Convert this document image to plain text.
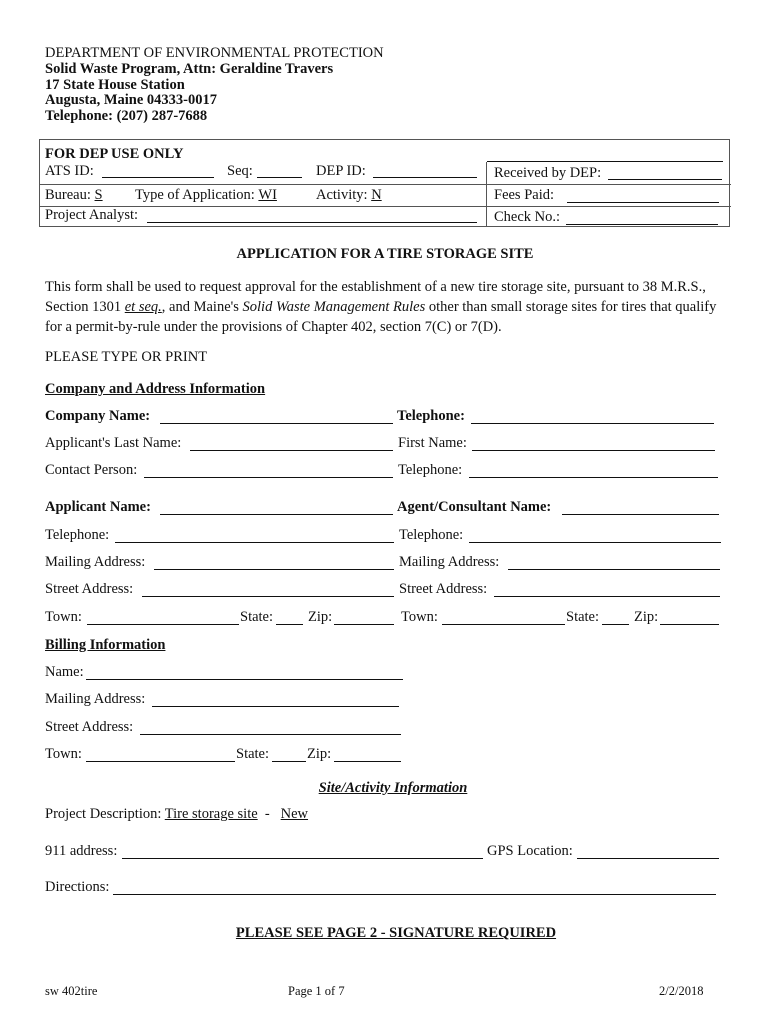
DEPARTMENT OF ENVIRONMENTAL PROTECTION
Solid Waste Program, Attn: Geraldine Travers
17 State House Station
Augusta, Maine 04333-0017
Telephone: (207) 287-7688
FOR DEP USE ONLY
ATS ID:	Seq:	DEP ID:	Received by DEP:
Bureau: S Type of Application: WI	Activity: N	Fees Paid:
Project Analyst:	Check No.:
APPLICATION FOR A TIRE STORAGE SITE
This form shall be used to request approval for the establishment of a new tire storage site, pursuant to 38 M.R.S., Section 1301 et seq., and Maine's Solid Waste Management Rules other than small storage sites for tires that qualify for a permit-by-rule under the provisions of Chapter 402, section 7(C) or 7(D).
PLEASE TYPE OR PRINT
Company and Address Information
Company Name:	Telephone:
Applicant's Last Name:	First Name:
Contact Person:	Telephone:
Applicant Name:	Agent/Consultant Name:
Telephone:	Telephone:
Mailing Address:	Mailing Address:
Street Address:	Street Address:
Town:	State: Zip:	Town:	State: Zip:
Billing Information
Name:
Mailing Address:
Street Address:
Town:	State:	Zip:
Site/Activity Information
Project Description: Tire storage site - New
911 address:	GPS Location:
Directions:
PLEASE SEE PAGE 2 - SIGNATURE REQUIRED
sw 402tire	Page 1 of 7	2/2/2018
